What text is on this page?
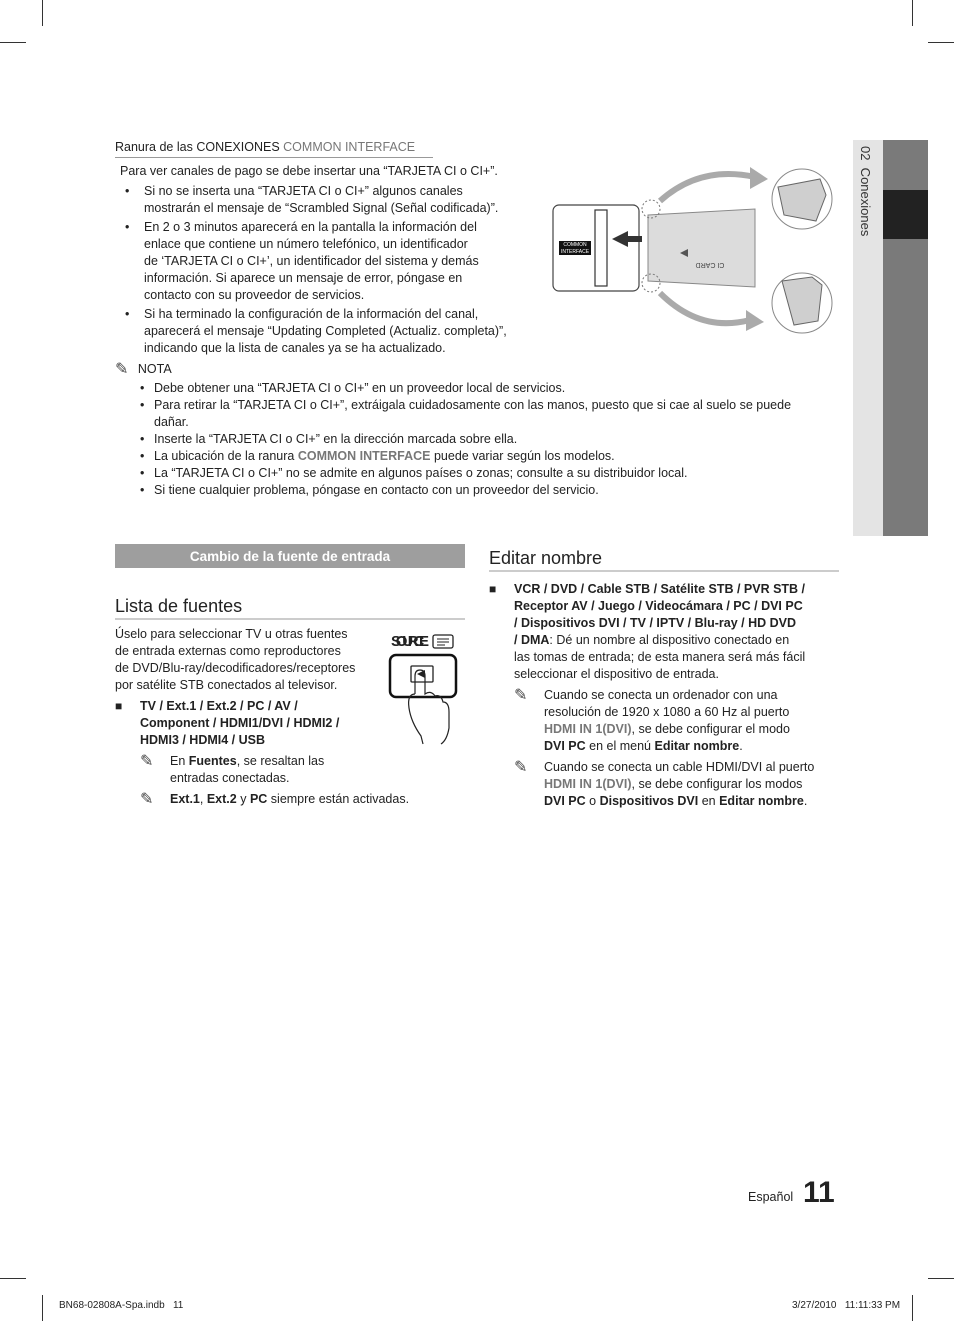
02  Conexiones
Ranura de las CONEXIONES COMMON INTERFACE
Para ver canales de pago se debe insertar una “TARJETA CI o CI+”.
• Si no se inserta una “TARJETA CI o CI+” algunos canales
mostrarán el mensaje de “Scrambled Signal (Señal codificada)”.
• En 2 o 3 minutos aparecerá en la pantalla la información del
enlace que contiene un número telefónico, un identificador
de ‘TARJETA CI o CI+’, un identificador del sistema y demás
información. Si aparece un mensaje de error, póngase en
contacto con su proveedor de servicios.
• Si ha terminado la configuración de la información del canal,
aparecerá el mensaje “Updating Completed (Actualiz. completa)”,
indicando que la lista de canales ya se ha actualizado.
COMMON
INTERFACE
CI CARD
✎ NOTA
• Debe obtener una “TARJETA CI o CI+” en un proveedor local de servicios.
• Para retirar la “TARJETA CI o CI+”, extráigala cuidadosamente con las manos, puesto que si cae al suelo se puede
dañar.
• Inserte la “TARJETA CI o CI+” en la dirección marcada sobre ella.
• La ubicación de la ranura COMMON INTERFACE puede variar según los modelos.
• La “TARJETA CI o CI+” no se admite en algunos países o zonas; consulte a su distribuidor local.
• Si tiene cualquier problema, póngase en contacto con un proveedor del servicio.
Cambio de la fuente de entrada
Lista de fuentes
Úselo para seleccionar TV u otras fuentes
de entrada externas como reproductores
de DVD/Blu-ray/decodificadores/receptores
por satélite STB conectados al televisor.
SOURCE
■	TV / Ext.1 / Ext.2 / PC / AV /
Component / HDMI1/DVI / HDMI2 /
HDMI3 / HDMI4 / USB
✎	En Fuentes, se resaltan las
entradas conectadas.
✎	Ext.1, Ext.2 y PC siempre están activadas.
Editar nombre
■	VCR / DVD / Cable STB / Satélite STB / PVR STB /
Receptor AV / Juego / Videocámara / PC / DVI PC
/ Dispositivos DVI / TV / IPTV / Blu-ray / HD DVD
/ DMA: Dé un nombre al dispositivo conectado en
las tomas de entrada; de esta manera será más fácil
seleccionar el dispositivo de entrada.
✎	Cuando se conecta un ordenador con una
resolución de 1920 x 1080 a 60 Hz al puerto
HDMI IN 1(DVI), se debe configurar el modo
DVI PC en el menú Editar nombre.
✎	Cuando se conecta un cable HDMI/DVI al puerto
HDMI IN 1(DVI), se debe configurar los modos
DVI PC o Dispositivos DVI en Editar nombre.
Español 11
BN68-02808A-Spa.indb   11	3/27/2010   11:11:33 PM
